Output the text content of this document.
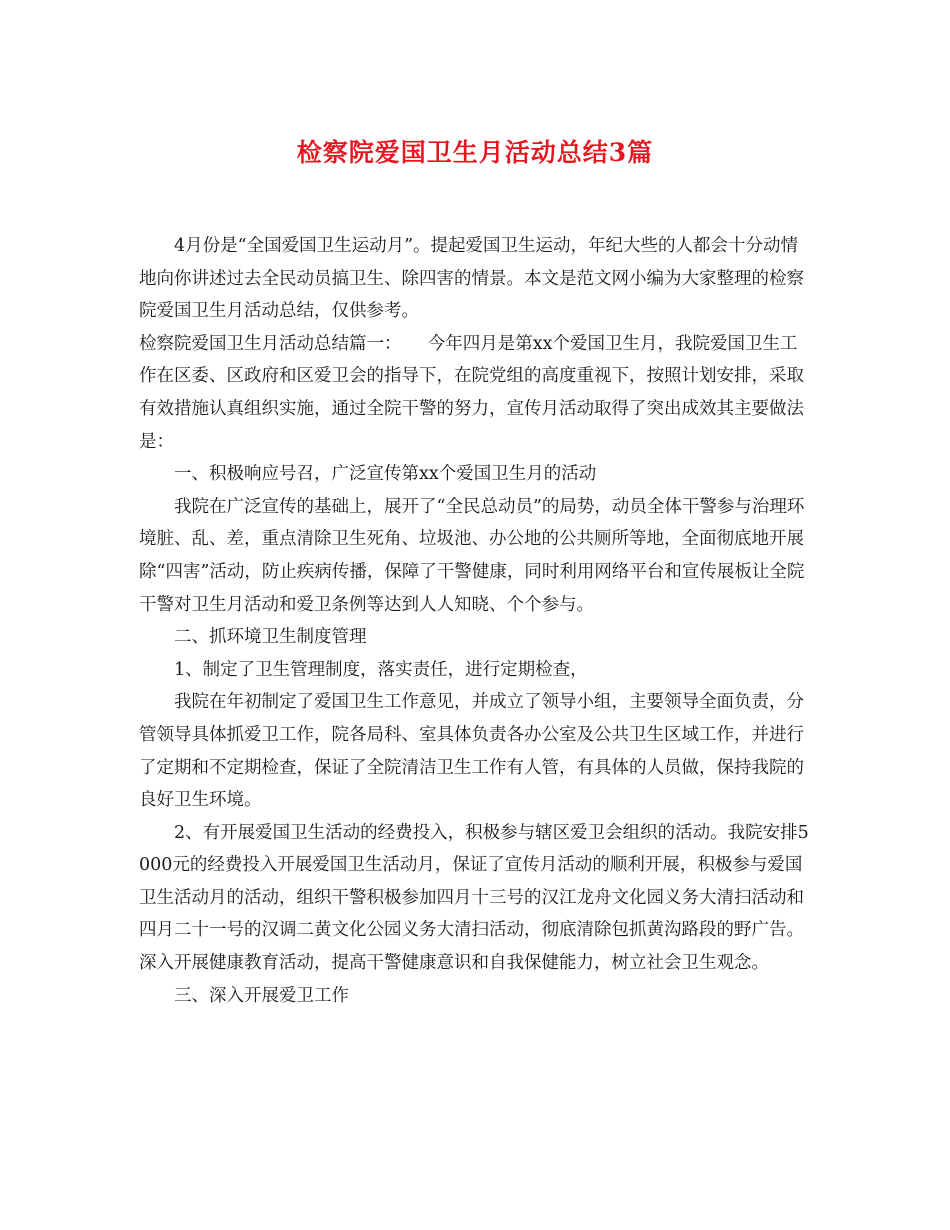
检察院爱国卫生月活动总结3篇

4月份是“全国爱国卫生运动月”。提起爱国卫生运动，年纪大些的人都会十分动情地向你讲述过去全民动员搞卫生、除四害的情景。本文是范文网小编为大家整理的检察院爱国卫生月活动总结，仅供参考。

检察院爱国卫生月活动总结篇一：　　今年四月是第xx个爱国卫生月，我院爱国卫生工作在区委、区政府和区爱卫会的指导下，在院党组的高度重视下，按照计划安排，采取有效措施认真组织实施，通过全院干警的努力，宣传月活动取得了突出成效其主要做法是：

一、积极响应号召，广泛宣传第xx个爱国卫生月的活动

我院在广泛宣传的基础上，展开了“全民总动员”的局势，动员全体干警参与治理环境脏、乱、差，重点清除卫生死角、垃圾池、办公地的公共厕所等地，全面彻底地开展除“四害”活动，防止疾病传播，保障了干警健康，同时利用网络平台和宣传展板让全院干警对卫生月活动和爱卫条例等达到人人知晓、个个参与。

二、抓环境卫生制度管理

1、制定了卫生管理制度，落实责任，进行定期检查，

我院在年初制定了爱国卫生工作意见，并成立了领导小组，主要领导全面负责，分管领导具体抓爱卫工作，院各局科、室具体负责各办公室及公共卫生区域工作，并进行了定期和不定期检查，保证了全院清洁卫生工作有人管，有具体的人员做，保持我院的良好卫生环境。

2、有开展爱国卫生活动的经费投入，积极参与辖区爱卫会组织的活动。我院安排5000元的经费投入开展爱国卫生活动月，保证了宣传月活动的顺利开展，积极参与爱国卫生活动月的活动，组织干警积极参加四月十三号的汉江龙舟文化园义务大清扫活动和四月二十一号的汉调二黄文化公园义务大清扫活动，彻底清除包抓黄沟路段的野广告。深入开展健康教育活动，提高干警健康意识和自我保健能力，树立社会卫生观念。

三、深入开展爱卫工作
